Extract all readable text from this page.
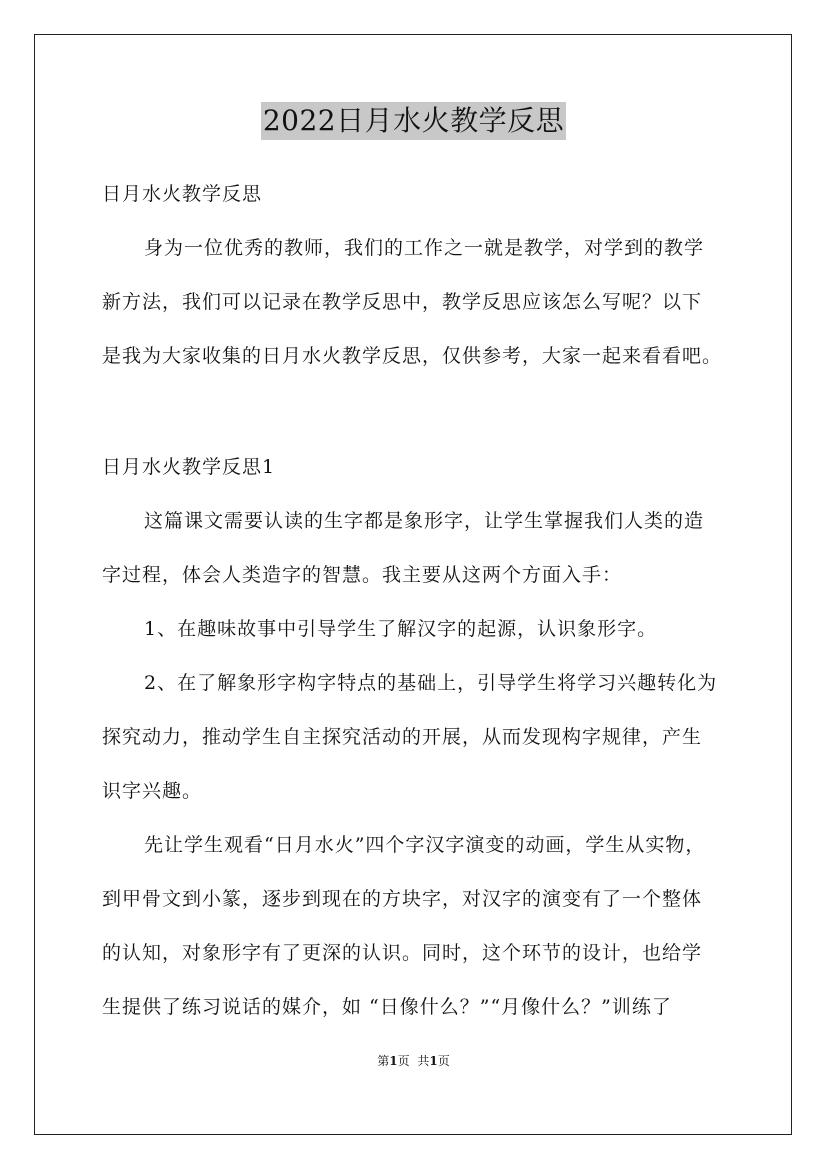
2022日月水火教学反思
日月水火教学反思
身为一位优秀的教师，我们的工作之一就是教学，对学到的教学
新方法，我们可以记录在教学反思中，教学反思应该怎么写呢？以下
是我为大家收集的日月水火教学反思，仅供参考，大家一起来看看吧。
日月水火教学反思1
这篇课文需要认读的生字都是象形字，让学生掌握我们人类的造
字过程，体会人类造字的智慧。我主要从这两个方面入手：
1、在趣味故事中引导学生了解汉字的起源，认识象形字。
2、在了解象形字构字特点的基础上，引导学生将学习兴趣转化为
探究动力，推动学生自主探究活动的开展，从而发现构字规律，产生
识字兴趣。
先让学生观看“日月水火”四个字汉字演变的动画，学生从实物，
到甲骨文到小篆，逐步到现在的方块字，对汉字的演变有了一个整体
的认知，对象形字有了更深的认识。同时，这个环节的设计，也给学
生提供了练习说话的媒介，如 “日像什么？”“月像什么？”训练了
第1页 共1页
